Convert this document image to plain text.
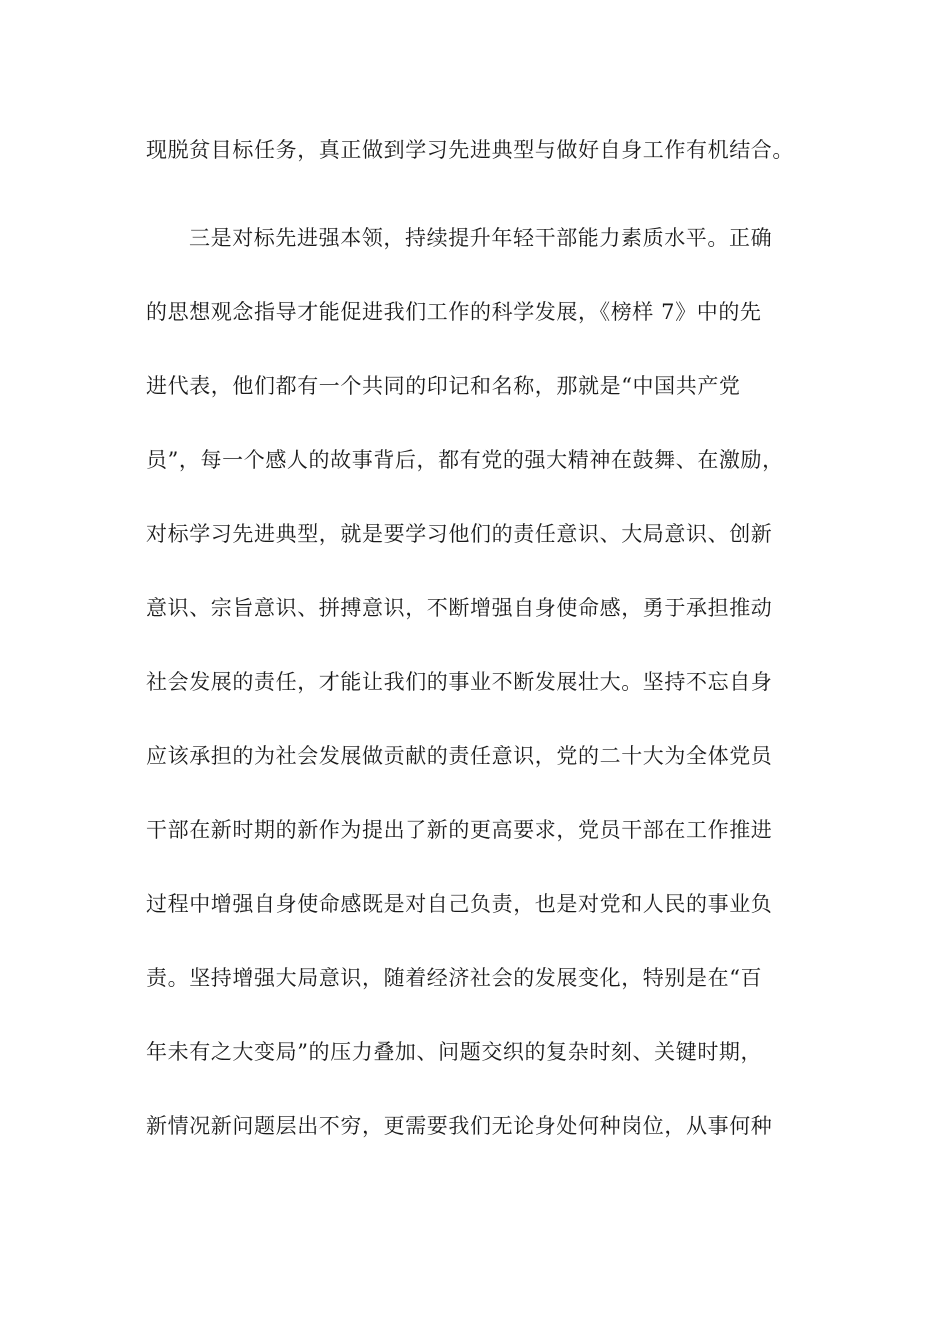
现脱贫目标任务，真正做到学习先进典型与做好自身工作有机结合。
三是对标先进强本领，持续提升年轻干部能力素质水平。正确
的思想观念指导才能促进我们工作的科学发展，《榜样 7》中的先
进代表，他们都有一个共同的印记和名称，那就是“中国共产党
员”，每一个感人的故事背后，都有党的强大精神在鼓舞、在激励，
对标学习先进典型，就是要学习他们的责任意识、大局意识、创新
意识、宗旨意识、拼搏意识，不断增强自身使命感，勇于承担推动
社会发展的责任，才能让我们的事业不断发展壮大。坚持不忘自身
应该承担的为社会发展做贡献的责任意识，党的二十大为全体党员
干部在新时期的新作为提出了新的更高要求，党员干部在工作推进
过程中增强自身使命感既是对自己负责，也是对党和人民的事业负
责。坚持增强大局意识，随着经济社会的发展变化，特别是在“百
年未有之大变局”的压力叠加、问题交织的复杂时刻、关键时期，
新情况新问题层出不穷，更需要我们无论身处何种岗位，从事何种
